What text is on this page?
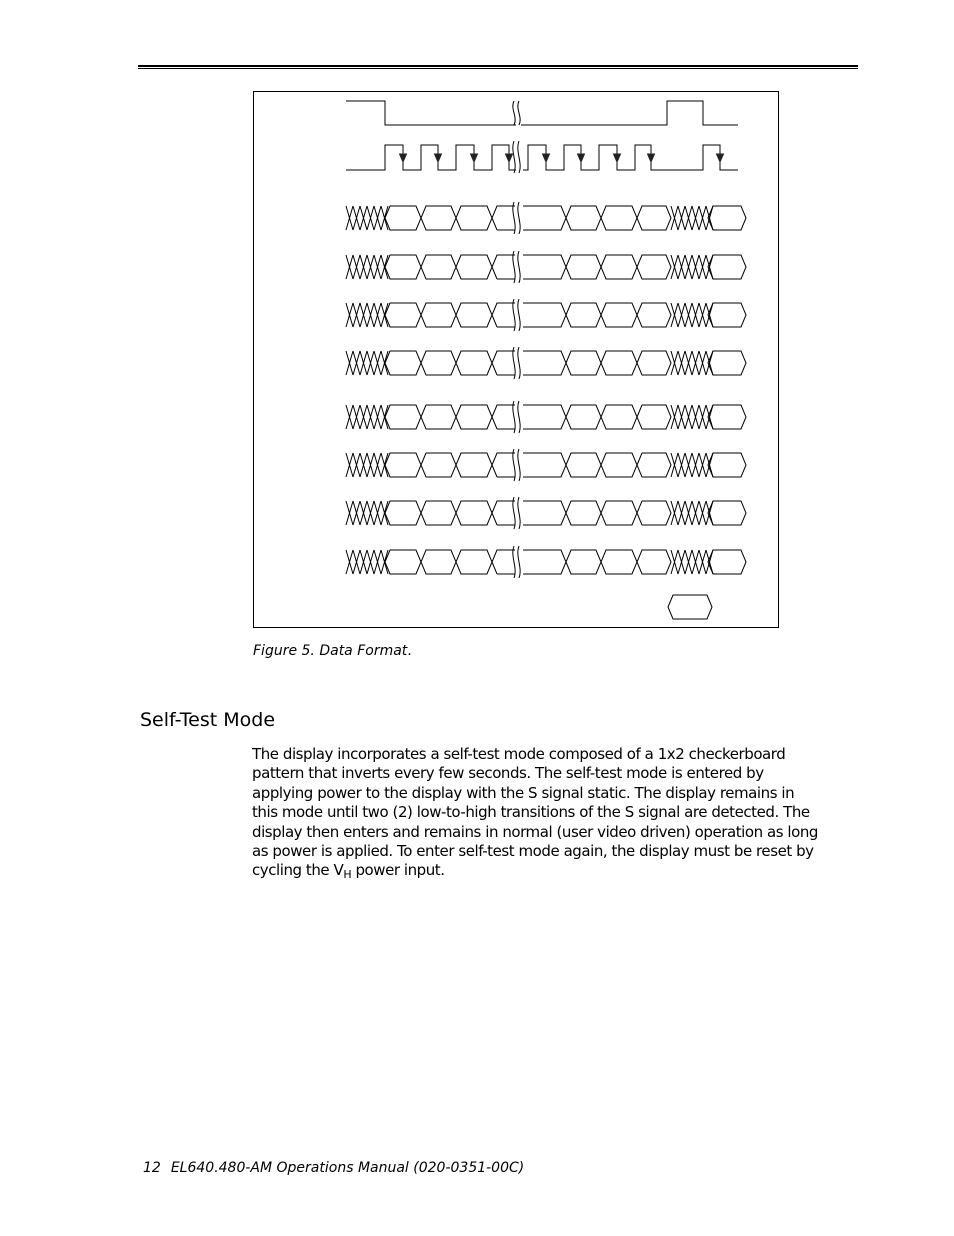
Figure 5. Data Format.
Self-Test Mode
The display incorporates a self-test mode composed of a 1x2 checkerboard pattern that inverts every few seconds. The self-test mode is entered by applying power to the display with the S signal static. The display remains in this mode until two (2) low-to-high transitions of the S signal are detected. The display then enters and remains in normal (user video driven) operation as long as power is applied. To enter self-test mode again, the display must be reset by cycling the $V_H$ power input.
12 EL640.480-AM Operations Manual (020-0351-00C)
